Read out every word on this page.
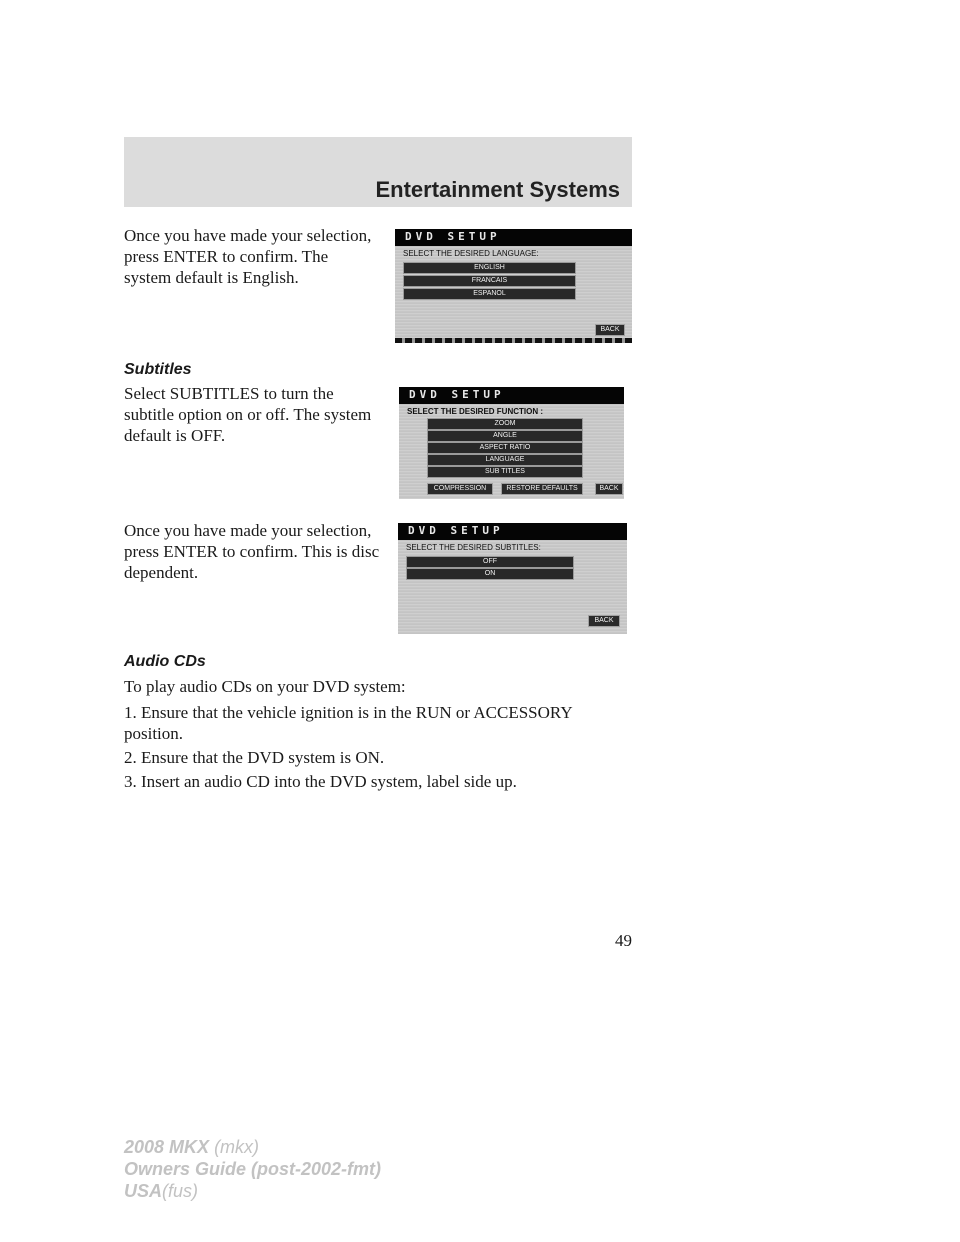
Entertainment Systems

Once you have made your selection, press ENTER to confirm. The system default is English.

DVD SETUP
SELECT THE DESIRED LANGUAGE:
ENGLISH
FRANCAIS
ESPANOL
BACK

Subtitles

Select SUBTITLES to turn the subtitle option on or off. The system default is OFF.

DVD SETUP
SELECT THE DESIRED FUNCTION :
ZOOM
ANGLE
ASPECT RATIO
LANGUAGE
SUB TITLES
COMPRESSION	RESTORE DEFAULTS	BACK

Once you have made your selection, press ENTER to confirm. This is disc dependent.

DVD SETUP
SELECT THE DESIRED SUBTITLES:
OFF
ON
BACK

Audio CDs

To play audio CDs on your DVD system:

1. Ensure that the vehicle ignition is in the RUN or ACCESSORY position.

2. Ensure that the DVD system is ON.

3. Insert an audio CD into the DVD system, label side up.

49
2008 MKX (mkx)
Owners Guide (post-2002-fmt)
USA(fus)
